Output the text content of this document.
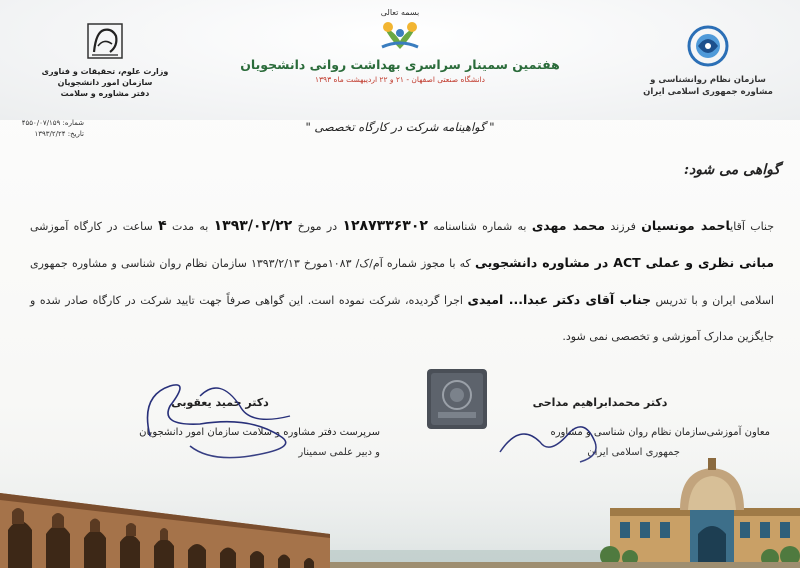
سازمان نظام روانشناسی و
مشاوره جمهوری اسلامی ایران
بسمه تعالی
هفتمین سمینار سراسری بهداشت روانی دانشجویان
دانشگاه صنعتی اصفهان - ۲۱ و ۲۲ اردیبهشت ماه ۱۳۹۳
وزارت علوم، تحقیقات و فناوری
سازمان امور دانشجویان
دفتر مشاوره و سلامت
شماره: ۴۵۵۰/۰۷/۱۵۹
تاریخ: ۱۳۹۳/۲/۲۴	" گواهینامه شرکت در کارگاه تخصصی "
گواهی می شود:
جناب آقایاحمد مونسیان فرزند محمد مهدی به شماره شناسنامه ۱۲۸۷۳۳۶۳۰۲ در مورخ ۱۳۹۳/۰۲/۲۲ به مدت ۴ ساعت در کارگاه آموزشی مبانی نظری و عملی ACT در مشاوره دانشجویی که با مجوز شماره آم/ک/ ۱۰۸۳مورخ ۱۳۹۳/۲/۱۳ سازمان نظام روان شناسی و مشاوره جمهوری اسلامی ایران و با تدریس جناب آقای دکتر عبدا... امیدی اجرا گردیده، شرکت نموده است. این گواهی صرفاً جهت تایید شرکت در کارگاه صادر شده و جایگزین مدارک آموزشی و تخصصی نمی شود.
دکتر محمدابراهیم مداحی
معاون آموزشی‌سازمان نظام روان شناسی و مشاوره
دکتر حمید یعقوبی
سرپرست دفتر مشاوره و سلامت سازمان امور دانشجویان
